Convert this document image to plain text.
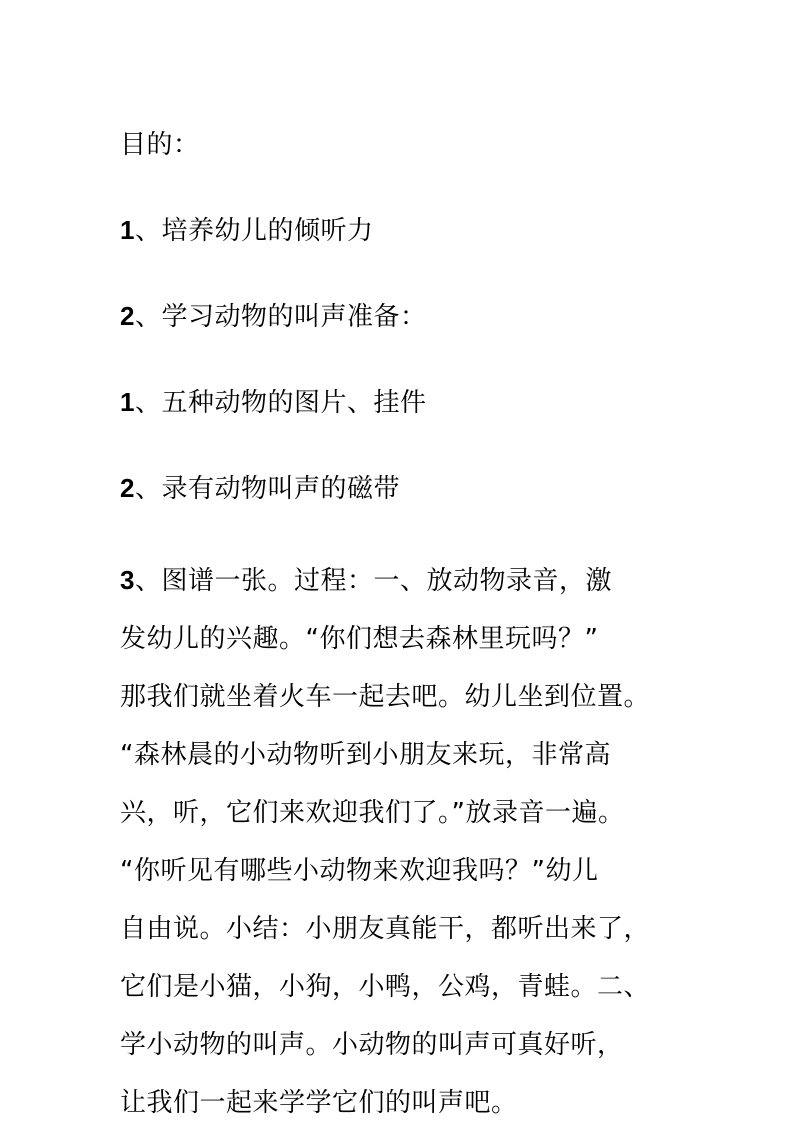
目的：

1、培养幼儿的倾听力

2、学习动物的叫声准备：

1、五种动物的图片、挂件

2、录有动物叫声的磁带

3、图谱一张。过程：一、放动物录音，激
发幼儿的兴趣。“你们想去森林里玩吗？”
那我们就坐着火车一起去吧。幼儿坐到位置。
“森林晨的小动物听到小朋友来玩，非常高
兴，听，它们来欢迎我们了。”放录音一遍。
“你听见有哪些小动物来欢迎我吗？”幼儿
自由说。小结：小朋友真能干，都听出来了，
它们是小猫，小狗，小鸭，公鸡，青蛙。二、
学小动物的叫声。小动物的叫声可真好听，
让我们一起来学学它们的叫声吧。
